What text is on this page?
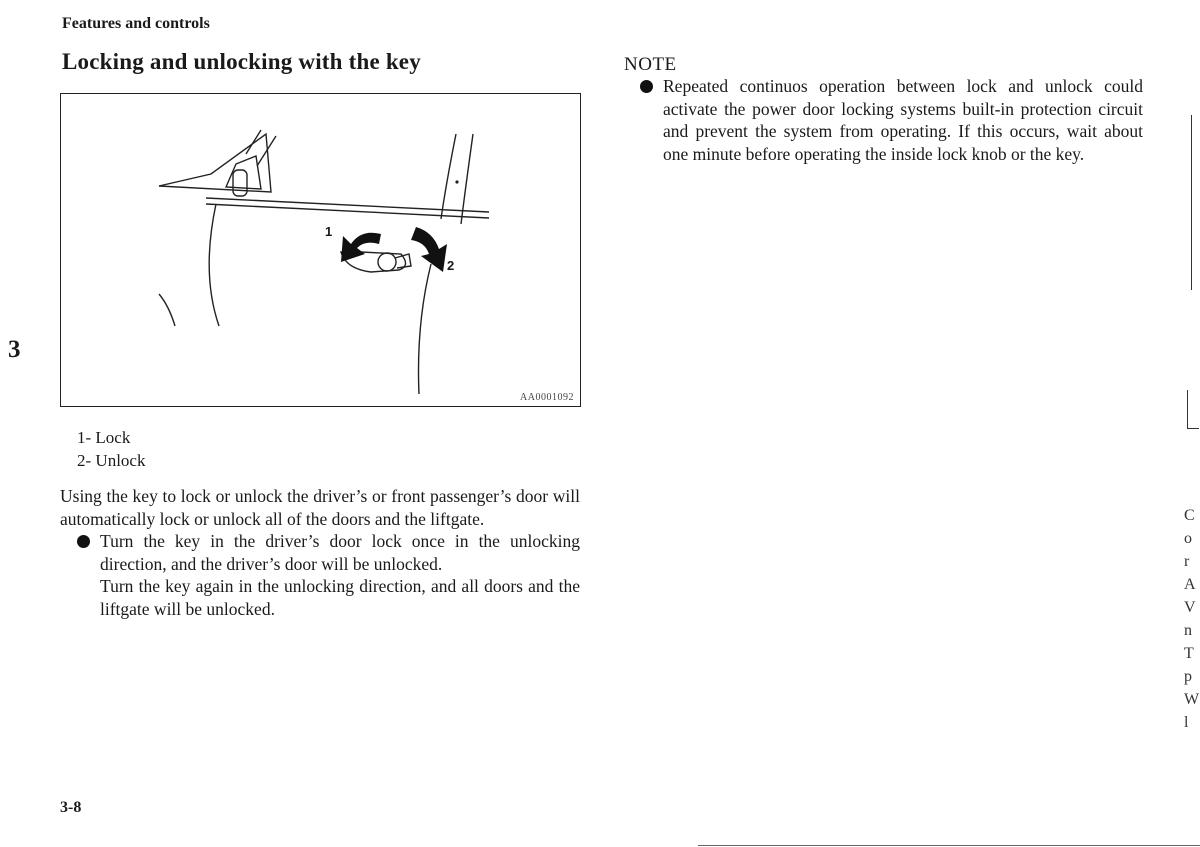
Features and controls
Locking and unlocking with the key
1
2
AA0001092
3
1- Lock
2- Unlock
Using the key to lock or unlock the driver’s or front passenger’s door will automatically lock or unlock all of the doors and the liftgate.
Turn the key in the driver’s door lock once in the unlocking direction, and the driver’s door will be unlocked.
Turn the key again in the unlocking direction, and all doors and the liftgate will be unlocked.
NOTE
Repeated continuos operation between lock and unlock could activate the power door locking systems built-in protection circuit and prevent the system from operating. If this occurs, wait about one minute before operating the inside lock knob or the key.
3-8
C
o
r
A
V
n
T
p
W
l
